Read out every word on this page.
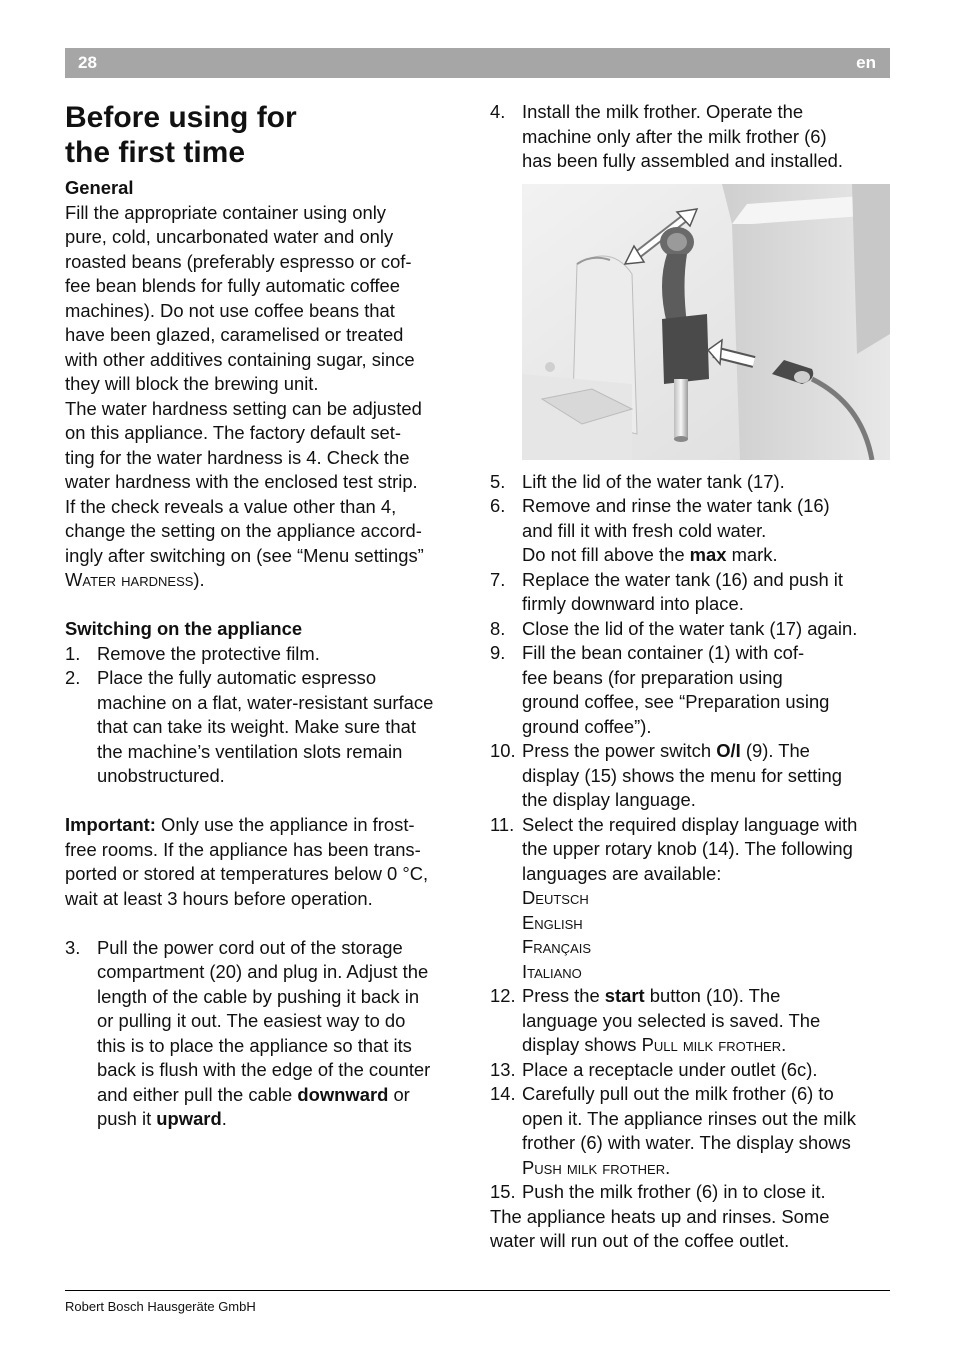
28	en
Before using for
the first time
General
Fill the appropriate container using only
pure, cold, uncarbonated water and only
roasted beans (preferably espresso or cof-
fee bean blends for fully automatic coffee
machines). Do not use coffee beans that
have been glazed, caramelised or treated
with other additives containing sugar, since
they will block the brewing unit.
The water hardness setting can be adjusted
on this appliance. The factory default set-
ting for the water hardness is 4. Check the
water hardness with the enclosed test strip.
If the check reveals a value other than 4,
change the setting on the appliance accord-
ingly after switching on (see “Menu settings”
Water hardness).
Switching on the appliance
1. Remove the protective film.
2. Place the fully automatic espresso
machine on a flat, water-resistant surface
that can take its weight. Make sure that
the machine’s ventilation slots remain
unobstructured.
Important: Only use the appliance in frost-
free rooms. If the appliance has been trans-
ported or stored at temperatures below 0 °C,
wait at least 3 hours before operation.
3. Pull the power cord out of the storage
compartment (20) and plug in. Adjust the
length of the cable by pushing it back in
or pulling it out. The easiest way to do
this is to place the appliance so that its
back is flush with the edge of the counter
and either pull the cable downward or
push it upward.
4. Install the milk frother. Operate the
machine only after the milk frother (6)
has been fully assembled and installed.
5. Lift the lid of the water tank (17).
6. Remove and rinse the water tank (16)
and fill it with fresh cold water.
Do not fill above the max mark.
7. Replace the water tank (16) and push it
firmly downward into place.
8. Close the lid of the water tank (17) again.
9. Fill the bean container (1) with cof-
fee beans (for preparation using
ground coffee, see “Preparation using
ground coffee”).
10. Press the power switch O/I (9). The
display (15) shows the menu for setting
the display language.
11. Select the required display language with
the upper rotary knob (14). The following
languages are available:
Deutsch
English
Français
Italiano
12. Press the start button (10). The
language you selected is saved. The
display shows Pull milk frother.
13. Place a receptacle under outlet (6c).
14. Carefully pull out the milk frother (6) to
open it. The appliance rinses out the milk
frother (6) with water. The display shows
Push milk frother.
15. Push the milk frother (6) in to close it.
The appliance heats up and rinses. Some
water will run out of the coffee outlet.
Robert Bosch Hausgeräte GmbH
